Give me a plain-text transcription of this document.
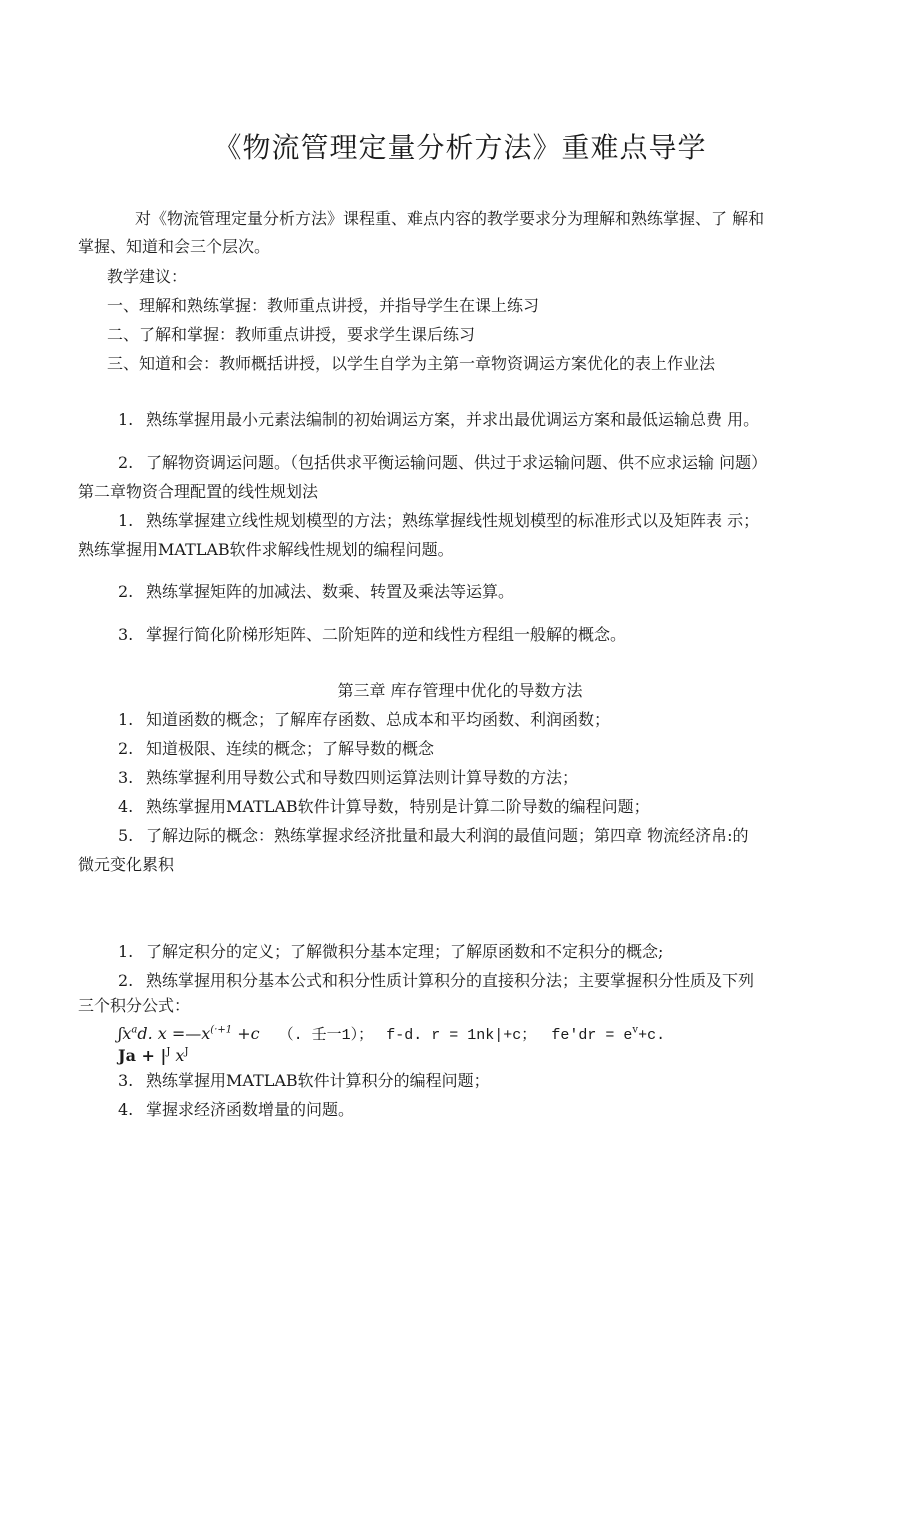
《物流管理定量分析方法》重难点导学
对《物流管理定量分析方法》课程重、难点内容的教学要求分为理解和熟练掌握、了 解和
掌握、知道和会三个层次。
教学建议：
一、理解和熟练掌握：教师重点讲授，并指导学生在课上练习
二、了解和掌握：教师重点讲授，要求学生课后练习
三、知道和会：教师概括讲授，以学生自学为主第一章物资调运方案优化的表上作业法
1. 熟练掌握用最小元素法编制的初始调运方案，并求出最优调运方案和最低运输总费 用。
2. 了解物资调运问题。（包括供求平衡运输问题、供过于求运输问题、供不应求运输 问题）
第二章物资合理配置的线性规划法
1. 熟练掌握建立线性规划模型的方法；熟练掌握线性规划模型的标准形式以及矩阵表 示；
熟练掌握用MATLAB软件求解线性规划的编程问题。
2. 熟练掌握矩阵的加减法、数乘、转置及乘法等运算。
3. 掌握行简化阶梯形矩阵、二阶矩阵的逆和线性方程组一般解的概念。
第三章 库存管理中优化的导数方法
1. 知道函数的概念；了解库存函数、总成本和平均函数、利润函数；
2. 知道极限、连续的概念；了解导数的概念
3. 熟练掌握利用导数公式和导数四则运算法则计算导数的方法；
4. 熟练掌握用MATLAB软件计算导数，特别是计算二阶导数的编程问题；
5. 了解边际的概念：熟练掌握求经济批量和最大利润的最值问题；第四章 物流经济帛:的
微元变化累积
1. 了解定积分的定义；了解微积分基本定理；了解原函数和不定积分的概念;
2. 熟练掌握用积分基本公式和积分性质计算积分的直接积分法；主要掌握积分性质及下列
三个积分公式：
ʃx$^a$d. $x =—x^{(\cdot+1} +c$ （. 壬一1）； f-d. r = 1nk|+c； $fe'dr = e^v+c$.
Jа + $|^J$ $x^J$
3. 熟练掌握用MATLAB软件计算积分的编程问题；
4. 掌握求经济函数增量的问题。
